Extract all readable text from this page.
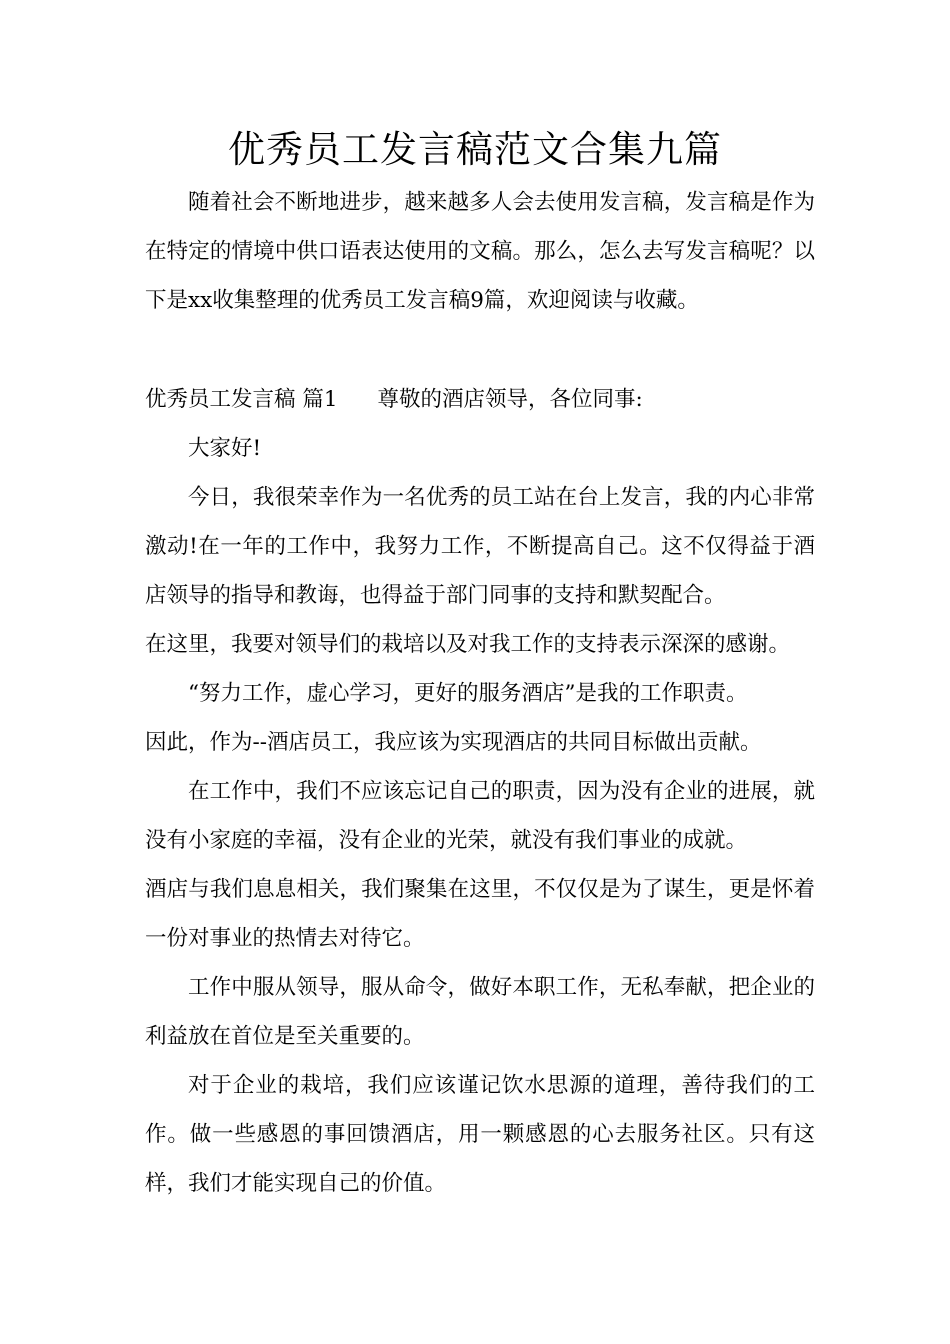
优秀员工发言稿范文合集九篇

随着社会不断地进步，越来越多人会去使用发言稿，发言稿是作为在特定的情境中供口语表达使用的文稿。那么，怎么去写发言稿呢？以下是xx收集整理的优秀员工发言稿9篇，欢迎阅读与收藏。

优秀员工发言稿 篇1 尊敬的酒店领导，各位同事:

大家好!

今日，我很荣幸作为一名优秀的员工站在台上发言，我的内心非常激动!在一年的工作中，我努力工作，不断提高自己。这不仅得益于酒店领导的指导和教诲，也得益于部门同事的支持和默契配合。

在这里，我要对领导们的栽培以及对我工作的支持表示深深的感谢。

“努力工作，虚心学习，更好的服务酒店”是我的工作职责。

因此，作为--酒店员工，我应该为实现酒店的共同目标做出贡献。

在工作中，我们不应该忘记自己的职责，因为没有企业的进展，就没有小家庭的幸福，没有企业的光荣，就没有我们事业的成就。

酒店与我们息息相关，我们聚集在这里，不仅仅是为了谋生，更是怀着一份对事业的热情去对待它。

工作中服从领导，服从命令，做好本职工作，无私奉献，把企业的利益放在首位是至关重要的。

对于企业的栽培，我们应该谨记饮水思源的道理，善待我们的工作。做一些感恩的事回馈酒店，用一颗感恩的心去服务社区。只有这样，我们才能实现自己的价值。
